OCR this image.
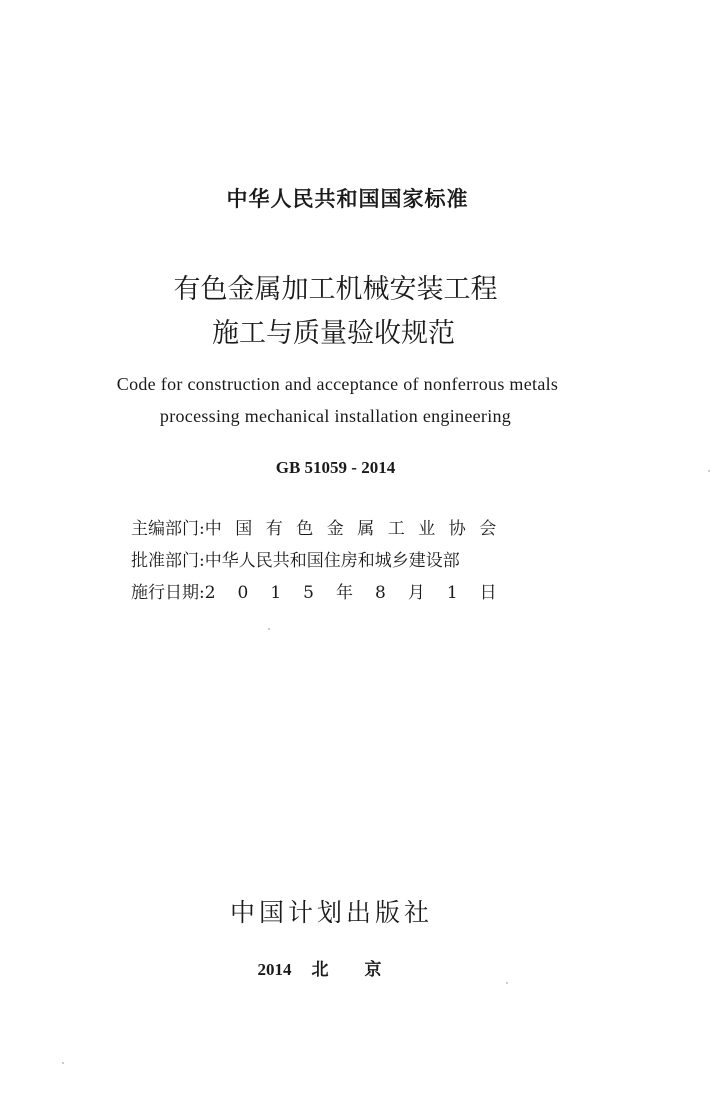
中华人民共和国国家标准
有色金属加工机械安装工程
施工与质量验收规范
Code for construction and acceptance of nonferrous metals
processing mechanical installation engineering
GB 51059 - 2014
主编部门 : 中国有色金属工业协会
批准部门 : 中华人民共和国住房和城乡建设部
施行日期 : 2015年8月1日
中国计划出版社
2014 北京
